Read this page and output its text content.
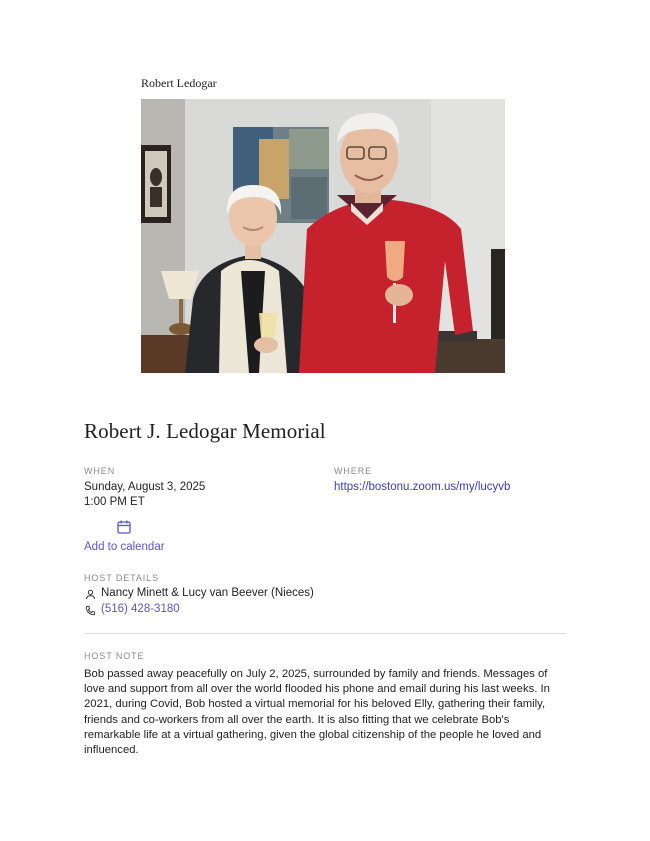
Robert Ledogar
Robert J. Ledogar Memorial
WHEN
Sunday, August 3, 2025
1:00 PM ET
WHERE
https://bostonu.zoom.us/my/lucyvb
Add to calendar
HOST DETAILS
Nancy Minett & Lucy van Beever (Nieces)
(516) 428-3180
HOST NOTE

Bob passed away peacefully on July 2, 2025, surrounded by family and friends. Messages of love and support from all over the world flooded his phone and email during his last weeks. In 2021, during Covid, Bob hosted a virtual memorial for his beloved Elly, gathering their family, friends and co-workers from all over the earth. It is also fitting that we celebrate Bob's remarkable life at a virtual gathering, given the global citizenship of the people he loved and influenced.
